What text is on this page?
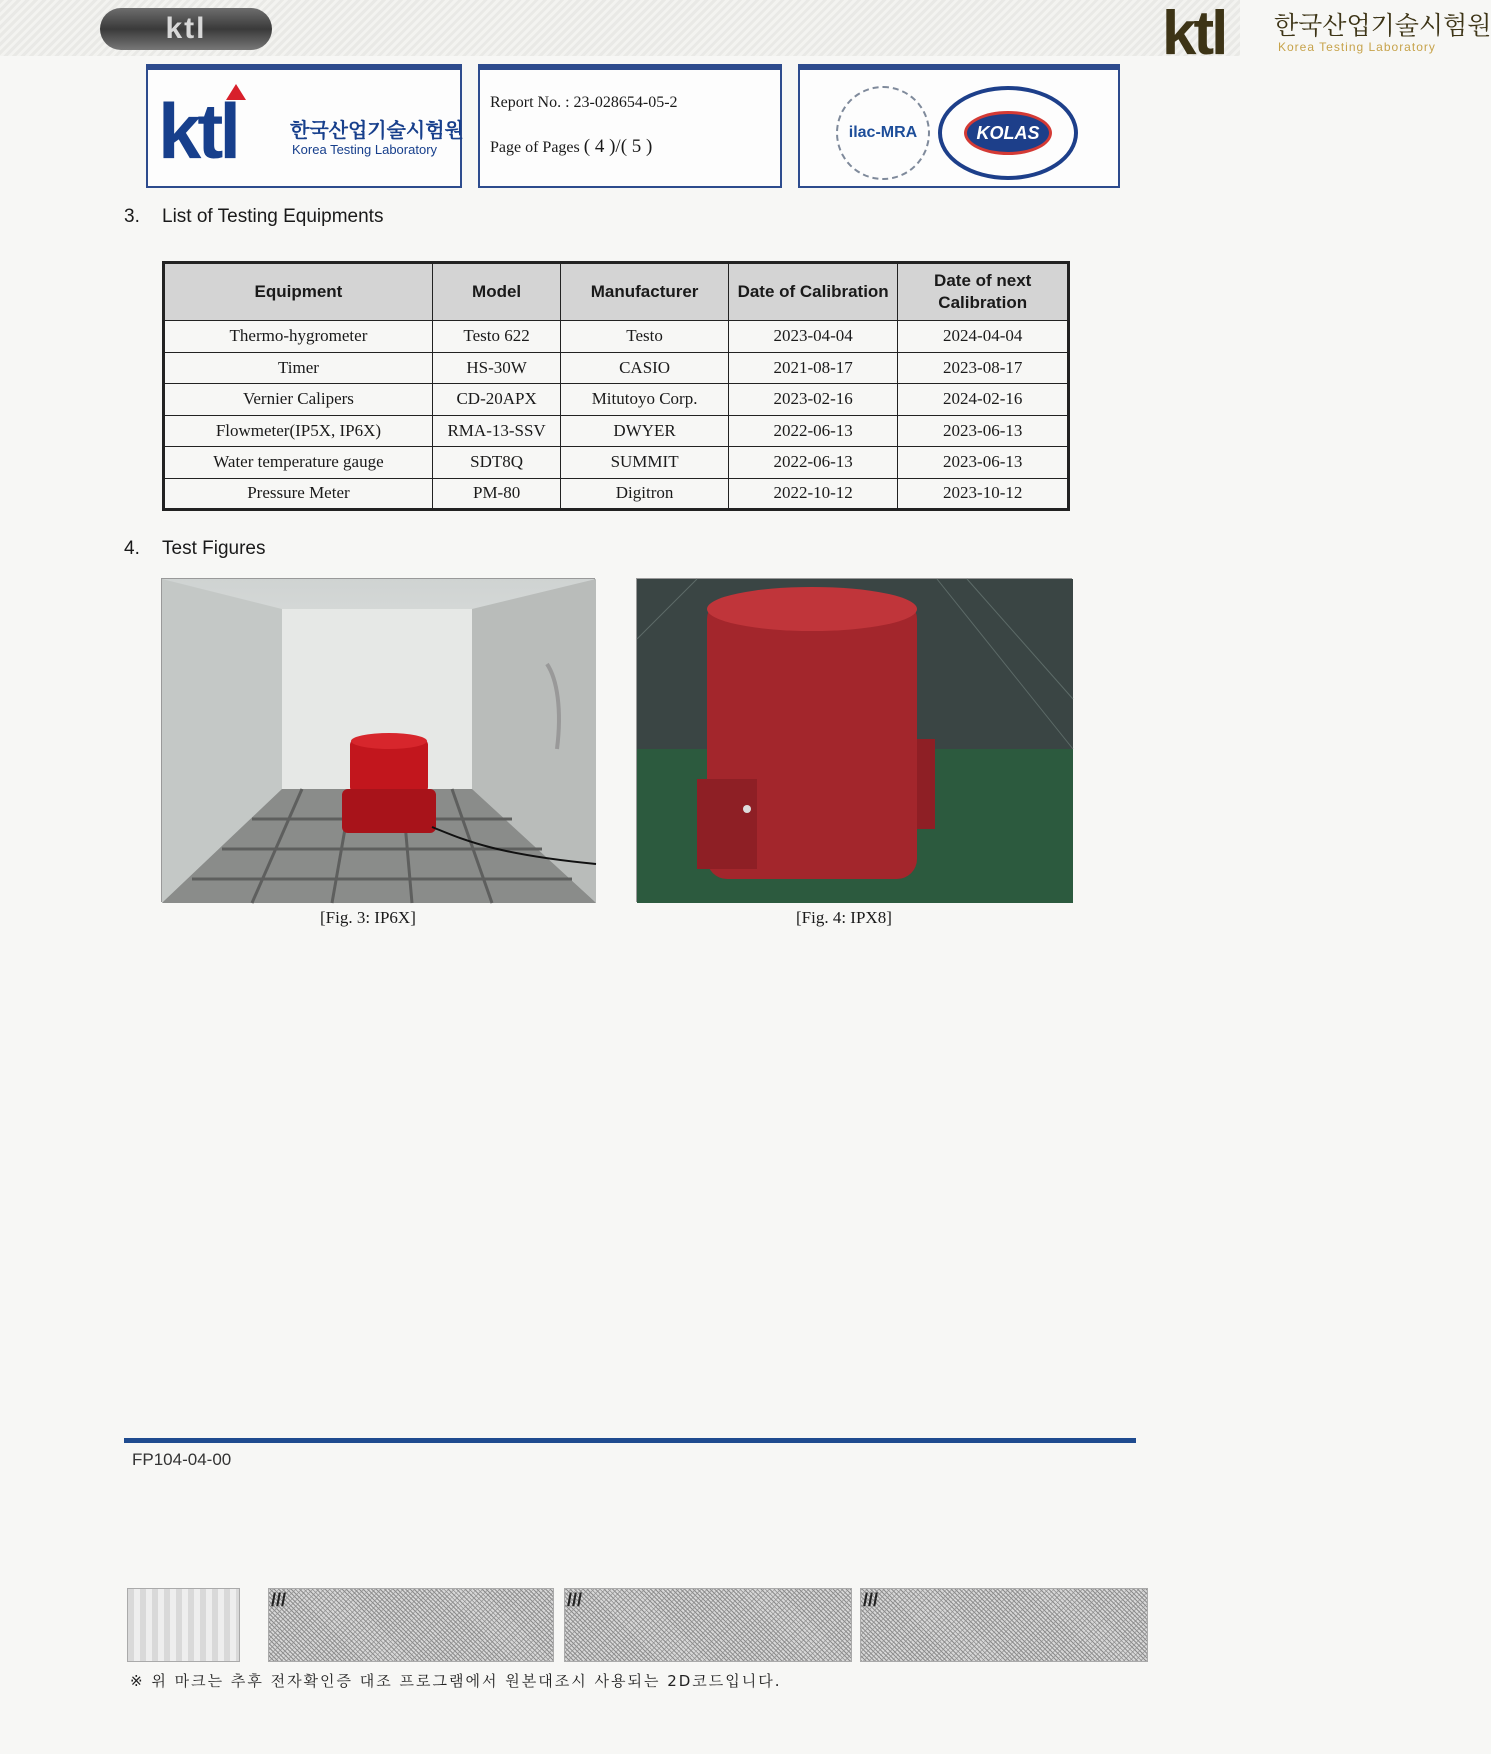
ktl	ktl 한국산업기술시험원
Korea Testing Laboratory
ktl	한국산업기술시험원
Korea Testing Laboratory
Report No. : 23-028654-05-2
Page of Pages ( 4 )/( 5 )
ilac-MRA	KOLAS
3. List of Testing Equipments
Equipment	Model	Manufacturer	Date of Calibration	Date of next Calibration
Thermo-hygrometer	Testo 622	Testo	2023-04-04	2024-04-04
Timer	HS-30W	CASIO	2021-08-17	2023-08-17
Vernier Calipers	CD-20APX	Mitutoyo Corp.	2023-02-16	2024-02-16
Flowmeter(IP5X, IP6X)	RMA-13-SSV	DWYER	2022-06-13	2023-06-13
Water temperature gauge	SDT8Q	SUMMIT	2022-06-13	2023-06-13
Pressure Meter	PM-80	Digitron	2022-10-12	2023-10-12
4. Test Figures
[Fig. 3: IP6X]	[Fig. 4: IPX8]
FP104-04-00
///	///	///
※ 위 마크는 추후 전자확인증 대조 프로그램에서 원본대조시 사용되는 2D코드입니다.
